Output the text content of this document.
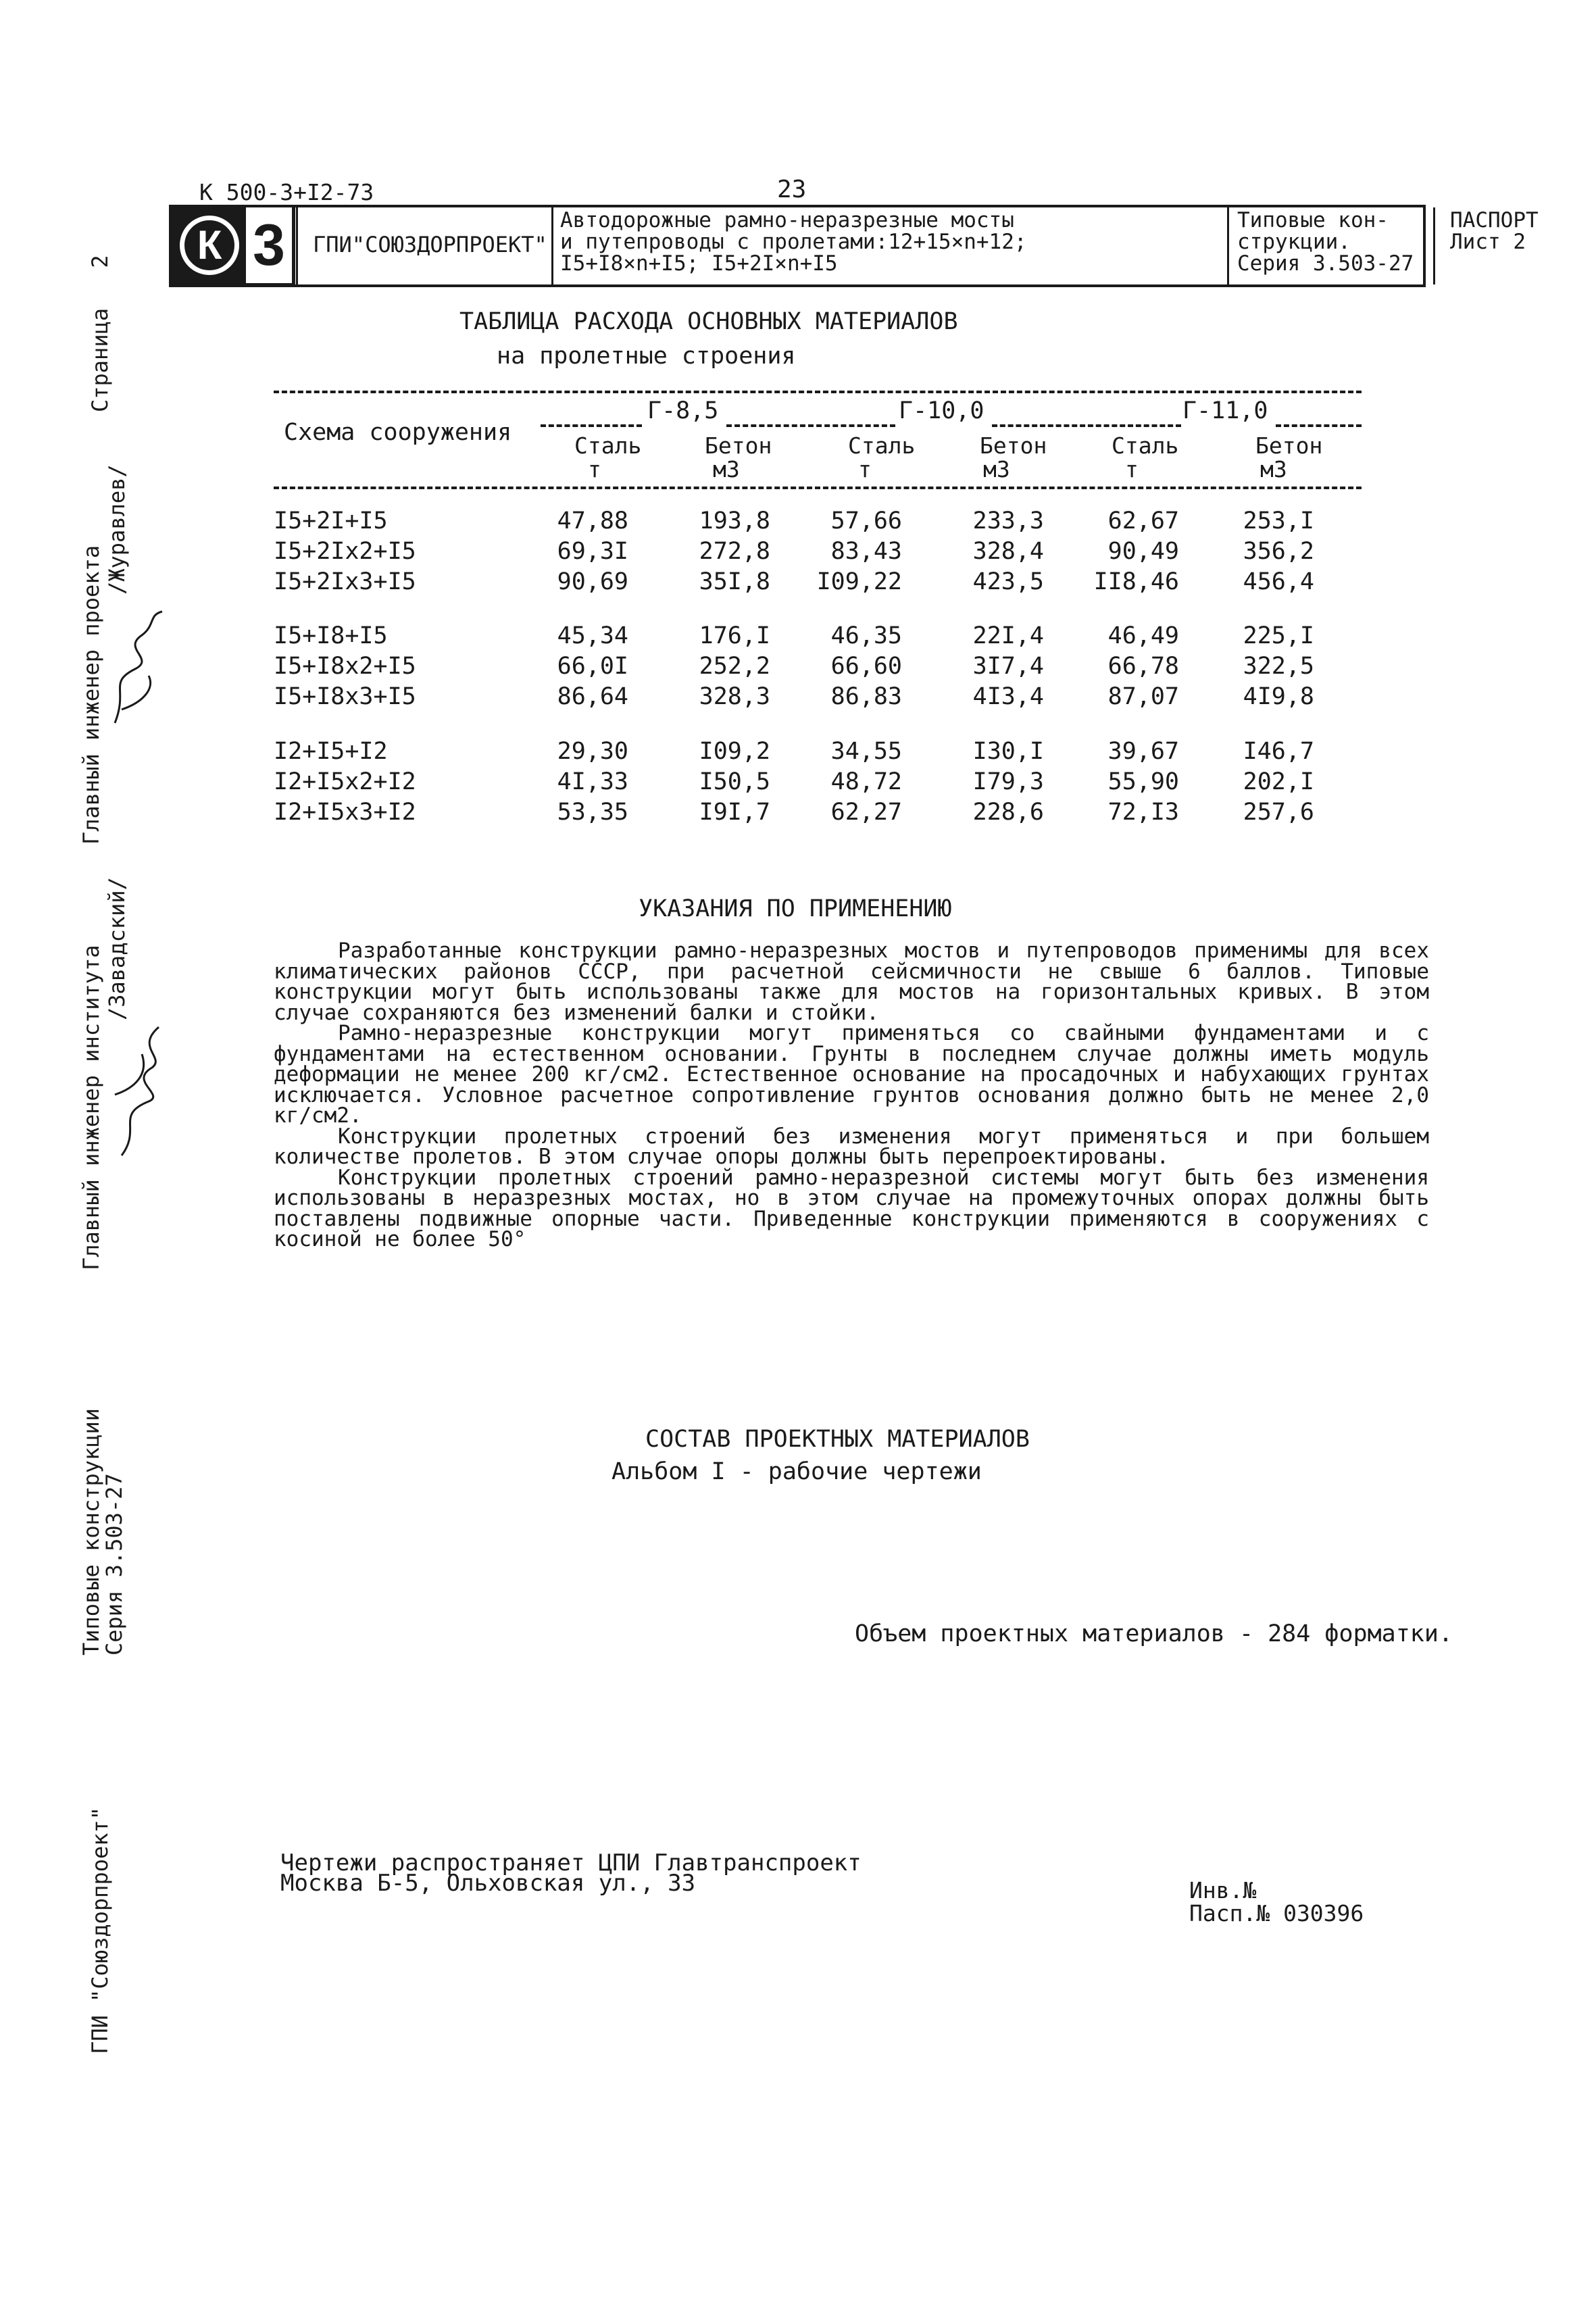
Страница 2
Главный инженер проекта
/Журавлев/
Главный инженер института /Завадский/
Типовые конструкции Серия 3.503-27
ГПИ "Союздорпроект"
К 500-3+I2-73	23
К 3	ГПИ"СОЮЗДОРПРОЕКТ"
Автодорожные рамно-неразрезные мосты
и путепроводы с пролетами:12+15×n+12;
I5+I8×n+I5; I5+2I×n+I5
Типовые кон-
струкции.
Серия 3.503-27
ПАСПОРТ
Лист 2
ТАБЛИЦА РАСХОДА ОСНОВНЫХ МАТЕРИАЛОВ
на пролетные строения
Схема сооружения
Г-8,5	Г-10,0	Г-11,0
Сталь	Бетон	Сталь	Бетон	Сталь	Бетон
т	м3	т	м3	т	м3
I5+2I+I5	47,88	193,8	57,66	233,3	62,67	253,I
I5+2Iх2+I5	69,3I	272,8	83,43	328,4	90,49	356,2
I5+2Iх3+I5	90,69	35I,8	I09,22	423,5	II8,46	456,4
I5+I8+I5	45,34	176,I	46,35	22I,4	46,49	225,I
I5+I8х2+I5	66,0I	252,2	66,60	3I7,4	66,78	322,5
I5+I8х3+I5	86,64	328,3	86,83	4I3,4	87,07	4I9,8
I2+I5+I2	29,30	I09,2	34,55	I30,I	39,67	I46,7
I2+I5х2+I2	4I,33	I50,5	48,72	I79,3	55,90	202,I
I2+I5х3+I2	53,35	I9I,7	62,27	228,6	72,I3	257,6
УКАЗАНИЯ ПО ПРИМЕНЕНИЮ

Разработанные конструкции рамно-неразрезных мостов и путепроводов применимы для всех климатических районов СССР, при расчетной сейсмичности не свыше 6 баллов. Типовые конструкции могут быть использованы также для мостов на горизонтальных кривых. В этом случае сохраняются без изменений балки и стойки.

Рамно-неразрезные конструкции могут применяться со свайными фундаментами и с фундаментами на естественном основании. Грунты в последнем случае должны иметь модуль деформации не менее 200 кг/см2. Естественное основание на просадочных и набухающих грунтах исключается. Условное расчетное сопротивление грунтов основания должно быть не менее 2,0 кг/см2.

Конструкции пролетных строений без изменения могут применяться и при большем количестве пролетов. В этом случае опоры должны быть перепроектированы.

Конструкции пролетных строений рамно-неразрезной системы могут быть без изменения использованы в неразрезных мостах, но в этом случае на промежуточных опорах должны быть поставлены подвижные опорные части. Приведенные конструкции применяются в сооружениях с косиной не более 50°

СОСТАВ ПРОЕКТНЫХ МАТЕРИАЛОВ
Альбом I - рабочие чертежи
Объем проектных материалов - 284 форматки.
Чертежи распространяет ЦПИ Главтранспроект
Москва Б-5, Ольховская ул., 33	Инв.№
Пасп.№ 030396
